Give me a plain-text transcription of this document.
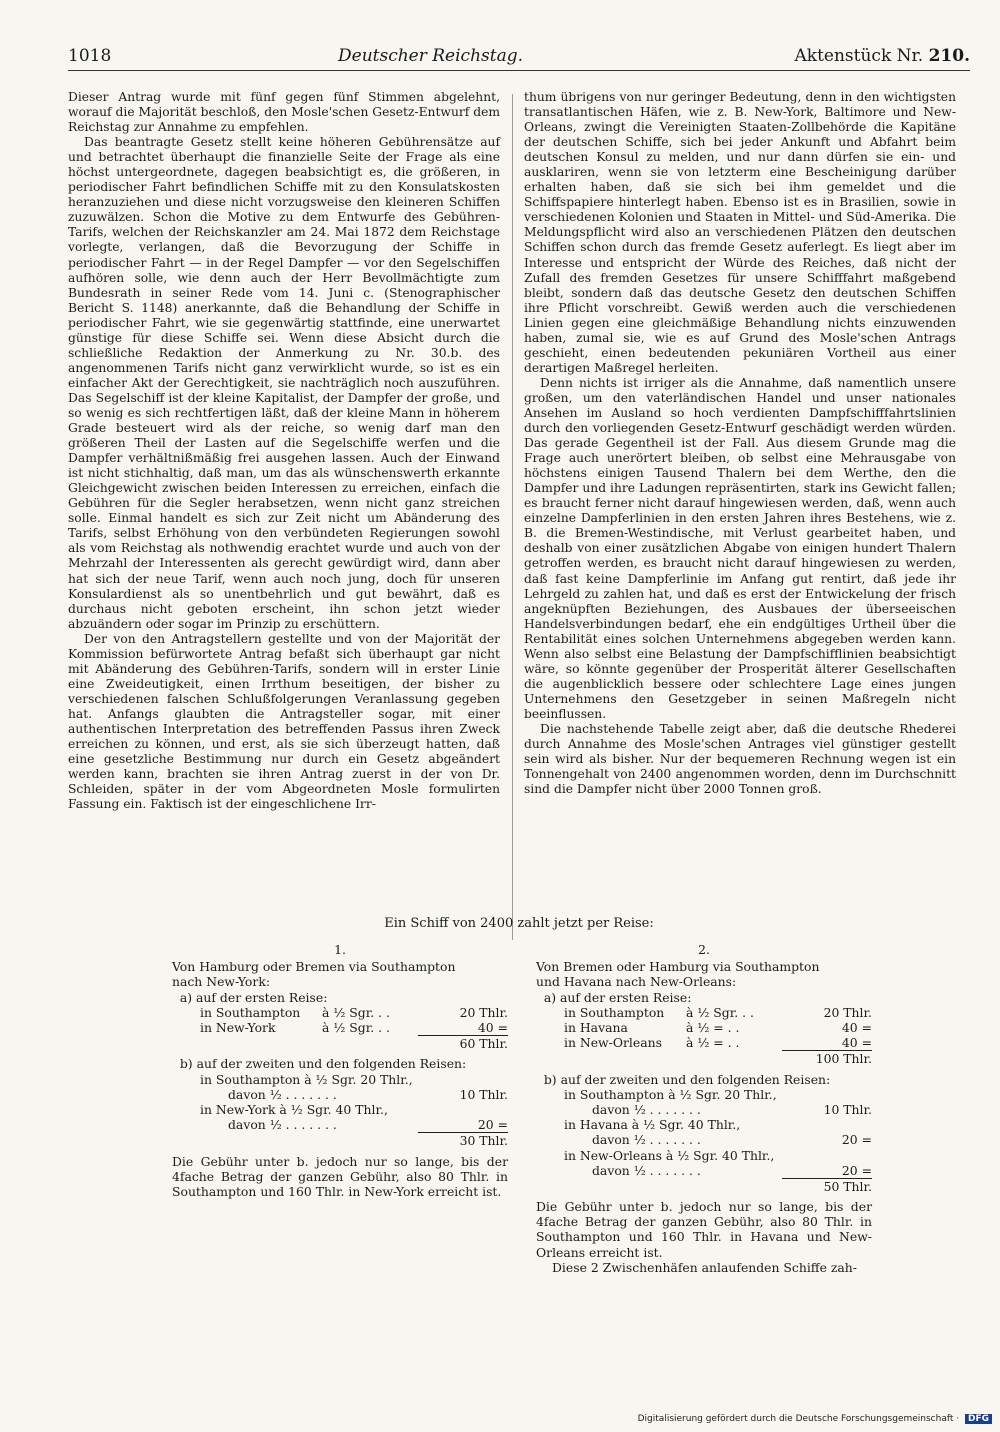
1018	Deutscher Reichstag.	Aktenstück Nr. 210.

Dieser Antrag wurde mit fünf gegen fünf Stimmen abgelehnt, worauf die Majorität beschloß, den Mosle'schen Gesetz-Entwurf dem Reichstag zur Annahme zu empfehlen.

Das beantragte Gesetz stellt keine höheren Gebührensätze auf und betrachtet überhaupt die finanzielle Seite der Frage als eine höchst untergeordnete, dagegen beabsichtigt es, die größeren, in periodischer Fahrt befindlichen Schiffe mit zu den Konsulatskosten heranzuziehen und diese nicht vorzugsweise den kleineren Schiffen zuzuwälzen. Schon die Motive zu dem Entwurfe des Gebühren-Tarifs, welchen der Reichskanzler am 24. Mai 1872 dem Reichstage vorlegte, verlangen, daß die Bevorzugung der Schiffe in periodischer Fahrt — in der Regel Dampfer — vor den Segelschiffen aufhören solle, wie denn auch der Herr Bevollmächtigte zum Bundesrath in seiner Rede vom 14. Juni c. (Stenographischer Bericht S. 1148) anerkannte, daß die Behandlung der Schiffe in periodischer Fahrt, wie sie gegenwärtig stattfinde, eine unerwartet günstige für diese Schiffe sei. Wenn diese Absicht durch die schließliche Redaktion der Anmerkung zu Nr. 30.b. des angenommenen Tarifs nicht ganz verwirklicht wurde, so ist es ein einfacher Akt der Gerechtigkeit, sie nachträglich noch auszuführen. Das Segelschiff ist der kleine Kapitalist, der Dampfer der große, und so wenig es sich rechtfertigen läßt, daß der kleine Mann in höherem Grade besteuert wird als der reiche, so wenig darf man den größeren Theil der Lasten auf die Segelschiffe werfen und die Dampfer verhältnißmäßig frei ausgehen lassen. Auch der Einwand ist nicht stichhaltig, daß man, um das als wünschenswerth erkannte Gleichgewicht zwischen beiden Interessen zu erreichen, einfach die Gebühren für die Segler herabsetzen, wenn nicht ganz streichen solle. Einmal handelt es sich zur Zeit nicht um Abänderung des Tarifs, selbst Erhöhung von den verbündeten Regierungen sowohl als vom Reichstag als nothwendig erachtet wurde und auch von der Mehrzahl der Interessenten als gerecht gewürdigt wird, dann aber hat sich der neue Tarif, wenn auch noch jung, doch für unseren Konsulardienst als so unentbehrlich und gut bewährt, daß es durchaus nicht geboten erscheint, ihn schon jetzt wieder abzuändern oder sogar im Prinzip zu erschüttern.

Der von den Antragstellern gestellte und von der Majorität der Kommission befürwortete Antrag befaßt sich überhaupt gar nicht mit Abänderung des Gebühren-Tarifs, sondern will in erster Linie eine Zweideutigkeit, einen Irrthum beseitigen, der bisher zu verschiedenen falschen Schlußfolgerungen Veranlassung gegeben hat. Anfangs glaubten die Antragsteller sogar, mit einer authentischen Interpretation des betreffenden Passus ihren Zweck erreichen zu können, und erst, als sie sich überzeugt hatten, daß eine gesetzliche Bestimmung nur durch ein Gesetz abgeändert werden kann, brachten sie ihren Antrag zuerst in der von Dr. Schleiden, später in der vom Abgeordneten Mosle formulirten Fassung ein. Faktisch ist der eingeschlichene Irr-

thum übrigens von nur geringer Bedeutung, denn in den wichtigsten transatlantischen Häfen, wie z. B. New-York, Baltimore und New-Orleans, zwingt die Vereinigten Staaten-Zollbehörde die Kapitäne der deutschen Schiffe, sich bei jeder Ankunft und Abfahrt beim deutschen Konsul zu melden, und nur dann dürfen sie ein- und ausklariren, wenn sie von letzterm eine Bescheinigung darüber erhalten haben, daß sie sich bei ihm gemeldet und die Schiffspapiere hinterlegt haben. Ebenso ist es in Brasilien, sowie in verschiedenen Kolonien und Staaten in Mittel- und Süd-Amerika. Die Meldungspflicht wird also an verschiedenen Plätzen den deutschen Schiffen schon durch das fremde Gesetz auferlegt. Es liegt aber im Interesse und entspricht der Würde des Reiches, daß nicht der Zufall des fremden Gesetzes für unsere Schifffahrt maßgebend bleibt, sondern daß das deutsche Gesetz den deutschen Schiffen ihre Pflicht vorschreibt. Gewiß werden auch die verschiedenen Linien gegen eine gleichmäßige Behandlung nichts einzuwenden haben, zumal sie, wie es auf Grund des Mosle'schen Antrags geschieht, einen bedeutenden pekuniären Vortheil aus einer derartigen Maßregel herleiten.

Denn nichts ist irriger als die Annahme, daß namentlich unsere großen, um den vaterländischen Handel und unser nationales Ansehen im Ausland so hoch verdienten Dampfschifffahrtslinien durch den vorliegenden Gesetz-Entwurf geschädigt werden würden. Das gerade Gegentheil ist der Fall. Aus diesem Grunde mag die Frage auch unerörtert bleiben, ob selbst eine Mehrausgabe von höchstens einigen Tausend Thalern bei dem Werthe, den die Dampfer und ihre Ladungen repräsentirten, stark ins Gewicht fallen; es braucht ferner nicht darauf hingewiesen werden, daß, wenn auch einzelne Dampferlinien in den ersten Jahren ihres Bestehens, wie z. B. die Bremen-Westindische, mit Verlust gearbeitet haben, und deshalb von einer zusätzlichen Abgabe von einigen hundert Thalern getroffen werden, es braucht nicht darauf hingewiesen zu werden, daß fast keine Dampferlinie im Anfang gut rentirt, daß jede ihr Lehrgeld zu zahlen hat, und daß es erst der Entwickelung der frisch angeknüpften Beziehungen, des Ausbaues der überseeischen Handelsverbindungen bedarf, ehe ein endgültiges Urtheil über die Rentabilität eines solchen Unternehmens abgegeben werden kann. Wenn also selbst eine Belastung der Dampfschifflinien beabsichtigt wäre, so könnte gegenüber der Prosperität älterer Gesellschaften die augenblicklich bessere oder schlechtere Lage eines jungen Unternehmens den Gesetzgeber in seinen Maßregeln nicht beeinflussen.

Die nachstehende Tabelle zeigt aber, daß die deutsche Rhederei durch Annahme des Mosle'schen Antrages viel günstiger gestellt sein wird als bisher. Nur der bequemeren Rechnung wegen ist ein Tonnengehalt von 2400 angenommen worden, denn im Durchschnitt sind die Dampfer nicht über 2000 Tonnen groß.

Ein Schiff von 2400 zahlt jetzt per Reise:
1.
Von Hamburg oder Bremen via Southampton
nach New-York:
a) auf der ersten Reise:
in Southampton à ½ Sgr. . .	20 Thlr.
in New-York	à ½ Sgr. . .	40 =
60 Thlr.

b) auf der zweiten und den folgenden Reisen:
in Southampton à ½ Sgr. 20 Thlr.,
davon ½ . . . . . . .	10 Thlr.
in New-York à ½ Sgr. 40 Thlr.,
davon ½ . . . . . . .	20 =
30 Thlr.
Die Gebühr unter b. jedoch nur so lange, bis der 4fache Betrag der ganzen Gebühr, also 80 Thlr. in Southampton und 160 Thlr. in New-York erreicht ist.
2.
Von Bremen oder Hamburg via Southampton
und Havana nach New-Orleans:
a) auf der ersten Reise:
in Southampton à ½ Sgr. . .	20 Thlr.
in Havana	à ½ = . .	40 =
in New-Orleans à ½ = . .	40 =
100 Thlr.

b) auf der zweiten und den folgenden Reisen:
in Southampton à ½ Sgr. 20 Thlr.,
davon ½ . . . . . . .	10 Thlr.
in Havana à ½ Sgr. 40 Thlr.,
davon ½ . . . . . . .	20 =
in New-Orleans à ½ Sgr. 40 Thlr.,
davon ½ . . . . . . .	20 =
50 Thlr.
Die Gebühr unter b. jedoch nur so lange, bis der 4fache Betrag der ganzen Gebühr, also 80 Thlr. in Southampton und 160 Thlr. in Havana und New-Orleans erreicht ist.
Diese 2 Zwischenhäfen anlaufenden Schiffe zah-
Digitalisierung gefördert durch die Deutsche Forschungsgemeinschaft · DFG
